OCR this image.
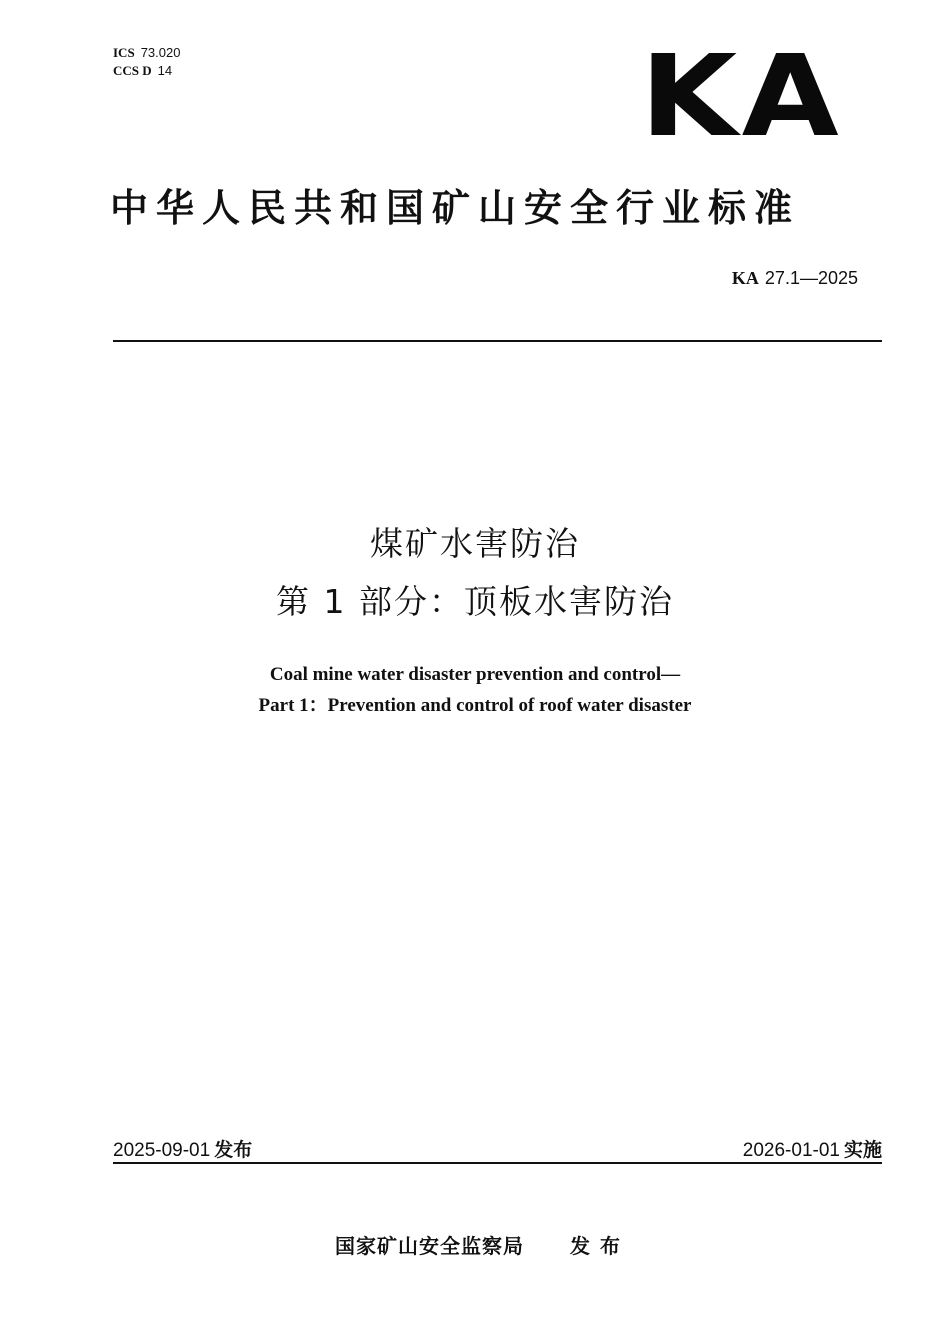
ICS 73.020
CCS D 14	KA
中华人民共和国矿山安全行业标准
KA 27.1—2025
煤矿水害防治
第 1 部分：顶板水害防治
Coal mine water disaster prevention and control—
Part 1：Prevention and control of roof water disaster
2025-09-01 发布	2026-01-01 实施
国家矿山安全监察局 发布
